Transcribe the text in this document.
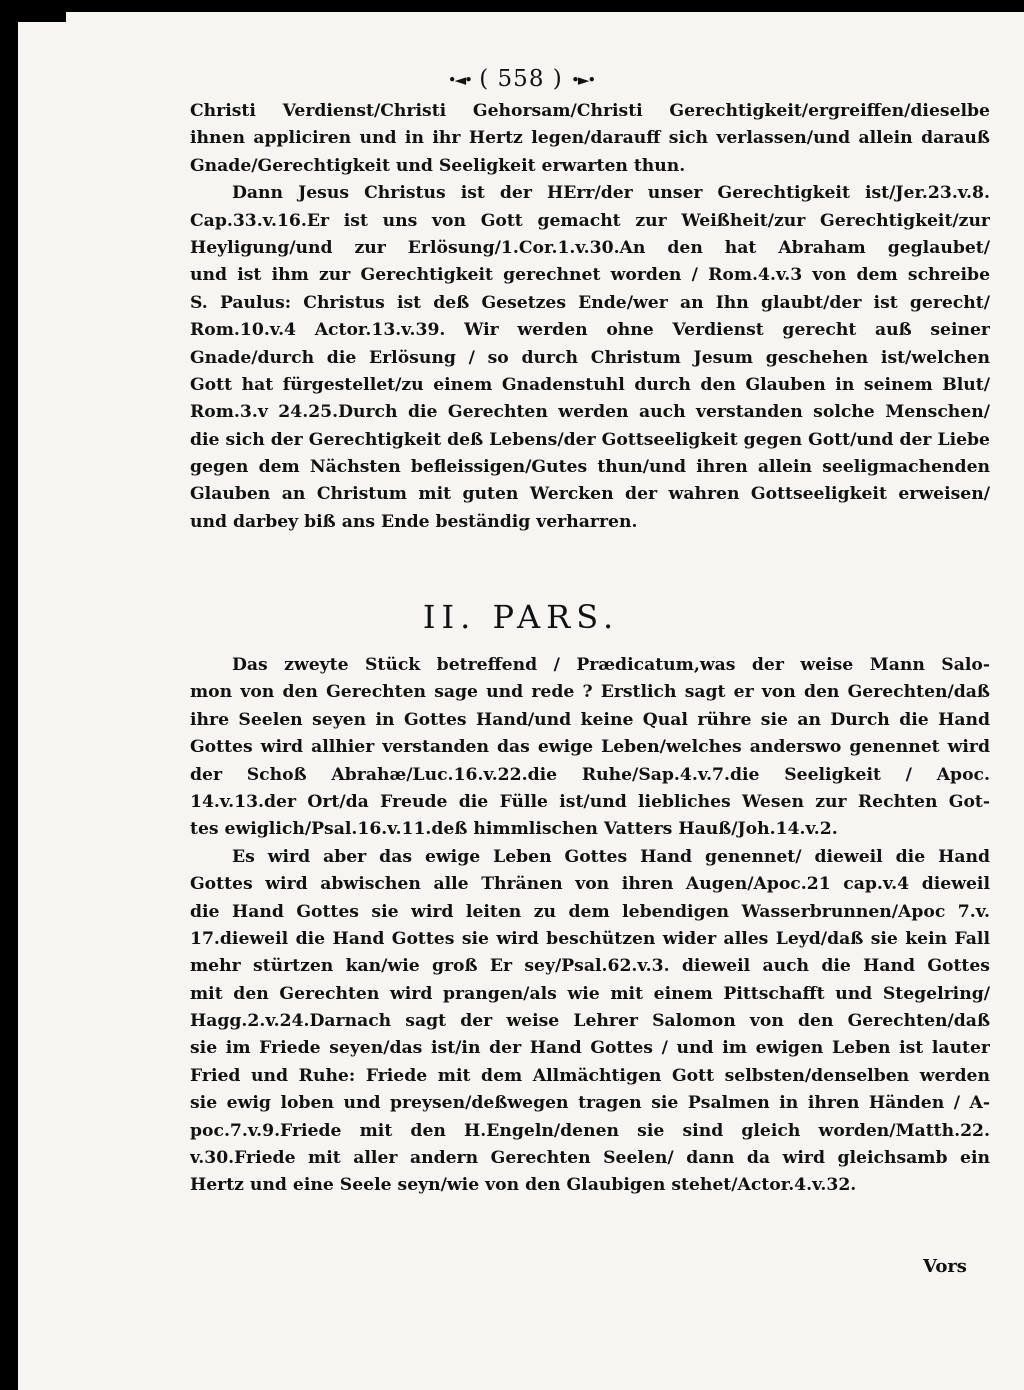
•◄• ( 558 ) •►•
Christi Verdienst/Christi Gehorsam/Christi Gerechtigkeit/ergreiffen/dieselbe
ihnen appliciren und in ihr Hertz legen/darauff sich verlassen/und allein darauß
Gnade/Gerechtigkeit und Seeligkeit erwarten thun.
Dann Jesus Christus ist der HErr/der unser Gerechtigkeit ist/Jer.23.v.8.
Cap.33.v.16.Er ist uns von Gott gemacht zur Weißheit/zur Gerechtigkeit/zur
Heyligung/und zur Erlösung/1.Cor.1.v.30.An den hat Abraham geglaubet/
und ist ihm zur Gerechtigkeit gerechnet worden / Rom.4.v.3 von dem schreibe
S. Paulus: Christus ist deß Gesetzes Ende/wer an Ihn glaubt/der ist gerecht/
Rom.10.v.4 Actor.13.v.39. Wir werden ohne Verdienst gerecht auß seiner
Gnade/durch die Erlösung / so durch Christum Jesum geschehen ist/welchen
Gott hat fürgestellet/zu einem Gnadenstuhl durch den Glauben in seinem Blut/
Rom.3.v 24.25.Durch die Gerechten werden auch verstanden solche Menschen/
die sich der Gerechtigkeit deß Lebens/der Gottseeligkeit gegen Gott/und der Liebe
gegen dem Nächsten befleissigen/Gutes thun/und ihren allein seeligmachenden
Glauben an Christum mit guten Wercken der wahren Gottseeligkeit erweisen/
und darbey biß ans Ende beständig verharren.
II. PARS.
Das zweyte Stück betreffend / Prædicatum,was der weise Mann Salo-
mon von den Gerechten sage und rede ? Erstlich sagt er von den Gerechten/daß
ihre Seelen seyen in Gottes Hand/und keine Qual rühre sie an Durch die Hand
Gottes wird allhier verstanden das ewige Leben/welches anderswo genennet wird
der Schoß Abrahæ/Luc.16.v.22.die Ruhe/Sap.4.v.7.die Seeligkeit / Apoc.
14.v.13.der Ort/da Freude die Fülle ist/und liebliches Wesen zur Rechten Got-
tes ewiglich/Psal.16.v.11.deß himmlischen Vatters Hauß/Joh.14.v.2.
Es wird aber das ewige Leben Gottes Hand genennet/ dieweil die Hand
Gottes wird abwischen alle Thränen von ihren Augen/Apoc.21 cap.v.4 dieweil
die Hand Gottes sie wird leiten zu dem lebendigen Wasserbrunnen/Apoc 7.v.
17.dieweil die Hand Gottes sie wird beschützen wider alles Leyd/daß sie kein Fall
mehr stürtzen kan/wie groß Er sey/Psal.62.v.3. dieweil auch die Hand Gottes
mit den Gerechten wird prangen/als wie mit einem Pittschafft und Stegelring/
Hagg.2.v.24.Darnach sagt der weise Lehrer Salomon von den Gerechten/daß
sie im Friede seyen/das ist/in der Hand Gottes / und im ewigen Leben ist lauter
Fried und Ruhe: Friede mit dem Allmächtigen Gott selbsten/denselben werden
sie ewig loben und preysen/deßwegen tragen sie Psalmen in ihren Händen / A-
poc.7.v.9.Friede mit den H.Engeln/denen sie sind gleich worden/Matth.22.
v.30.Friede mit aller andern Gerechten Seelen/ dann da wird gleichsamb ein
Hertz und eine Seele seyn/wie von den Glaubigen stehet/Actor.4.v.32.
Vors
